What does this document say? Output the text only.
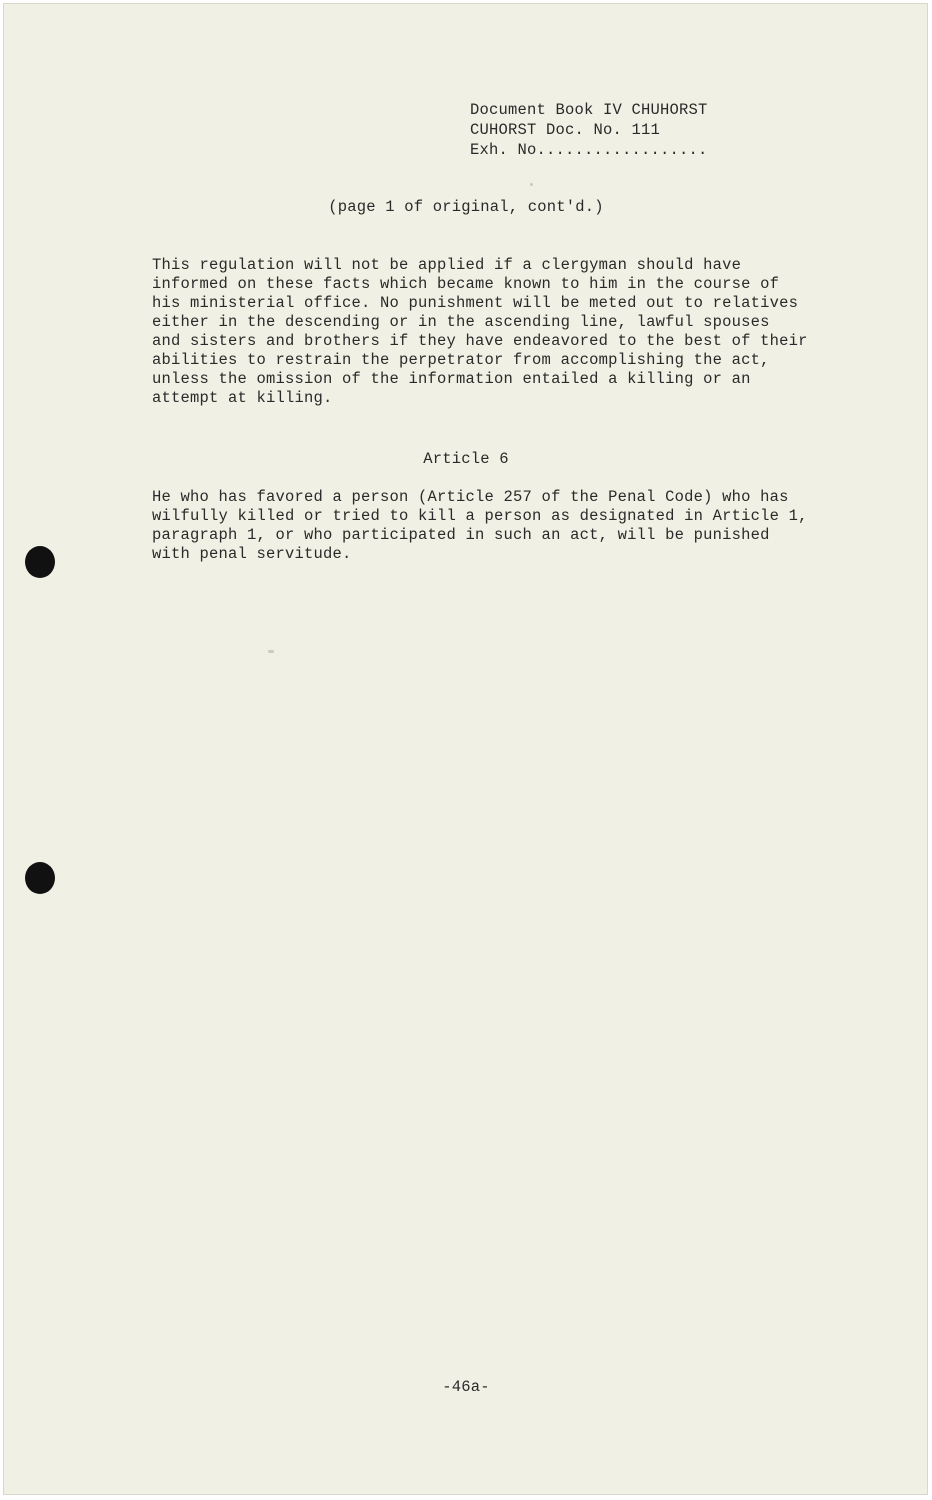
Document Book IV CHUHORST
CUHORST Doc. No. 111
Exh. No..................
(page 1 of original, cont'd.)
This regulation will not be applied if a clergyman should have
informed on these facts which became known to him in the course of
his ministerial office. No punishment will be meted out to relatives
either in the descending or in the ascending line, lawful spouses
and sisters and brothers if they have endeavored to the best of their
abilities to restrain the perpetrator from accomplishing the act,
unless the omission of the information entailed a killing or an
attempt at killing.
Article 6
He who has favored a person (Article 257 of the Penal Code) who has
wilfully killed or tried to kill a person as designated in Article 1,
paragraph 1, or who participated in such an act, will be punished
with penal servitude.
-46a-
